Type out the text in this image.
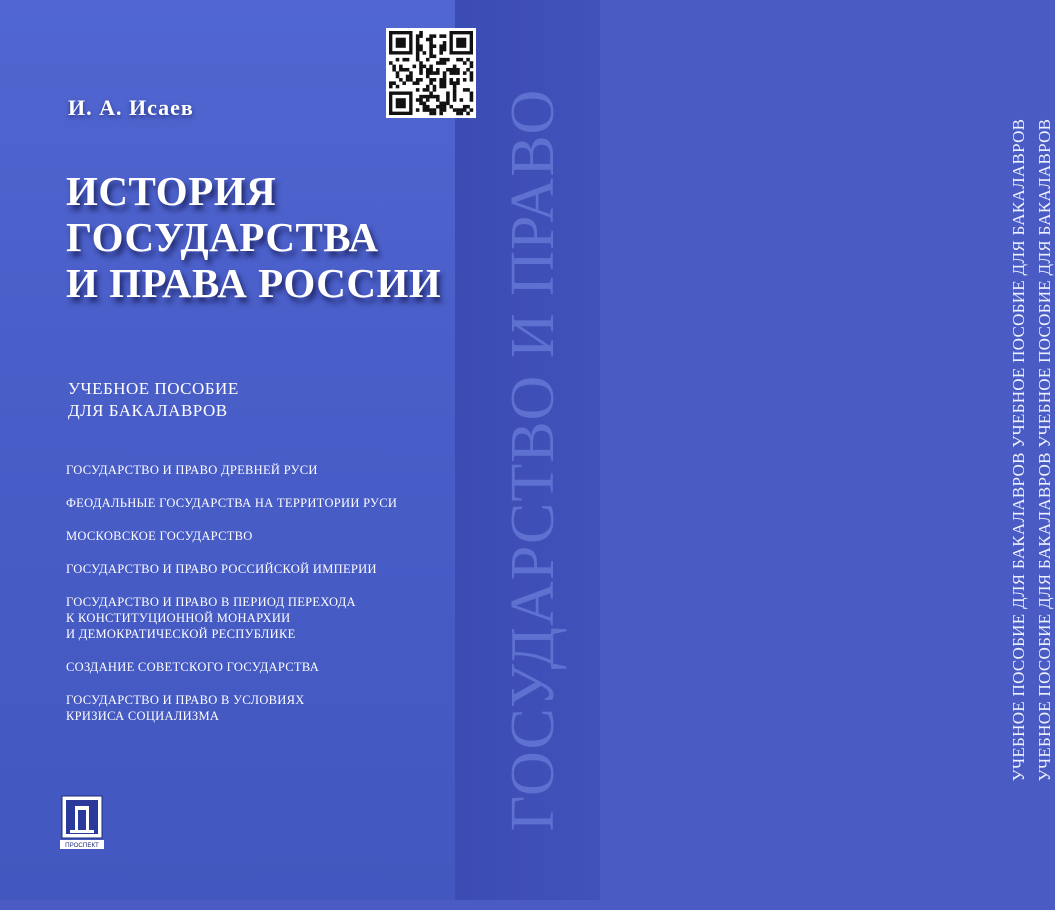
ГОСУДАРСТВО И ПРАВО	УЧЕБНОЕ ПОСОБИЕ ДЛЯ БАКАЛАВРОВ УЧЕБНОЕ ПОСОБИЕ ДЛЯ БАКАЛАВРОВ УЧЕБНОЕ ПОСОБИЕ ДЛЯ БАКАЛАВРОВ УЧЕБНОЕ ПОСОБИЕ ДЛЯ БАКАЛАВРОВ
И. А. Исаев
ИСТОРИЯ
ГОСУДАРСТВА
И ПРАВА РОССИИ
УЧЕБНОЕ ПОСОБИЕ
ДЛЯ БАКАЛАВРОВ
ГОСУДАРСТВО И ПРАВО ДРЕВНЕЙ РУСИ
ФЕОДАЛЬНЫЕ ГОСУДАРСТВА НА ТЕРРИТОРИИ РУСИ
МОСКОВСКОЕ ГОСУДАРСТВО
ГОСУДАРСТВО И ПРАВО РОССИЙСКОЙ ИМПЕРИИ
ГОСУДАРСТВО И ПРАВО В ПЕРИОД ПЕРЕХОДА
К КОНСТИТУЦИОННОЙ МОНАРХИИ
И ДЕМОКРАТИЧЕСКОЙ РЕСПУБЛИКЕ
СОЗДАНИЕ СОВЕТСКОГО ГОСУДАРСТВА
ГОСУДАРСТВО И ПРАВО В УСЛОВИЯХ
КРИЗИСА СОЦИАЛИЗМА
ПРОСПЕКТ
